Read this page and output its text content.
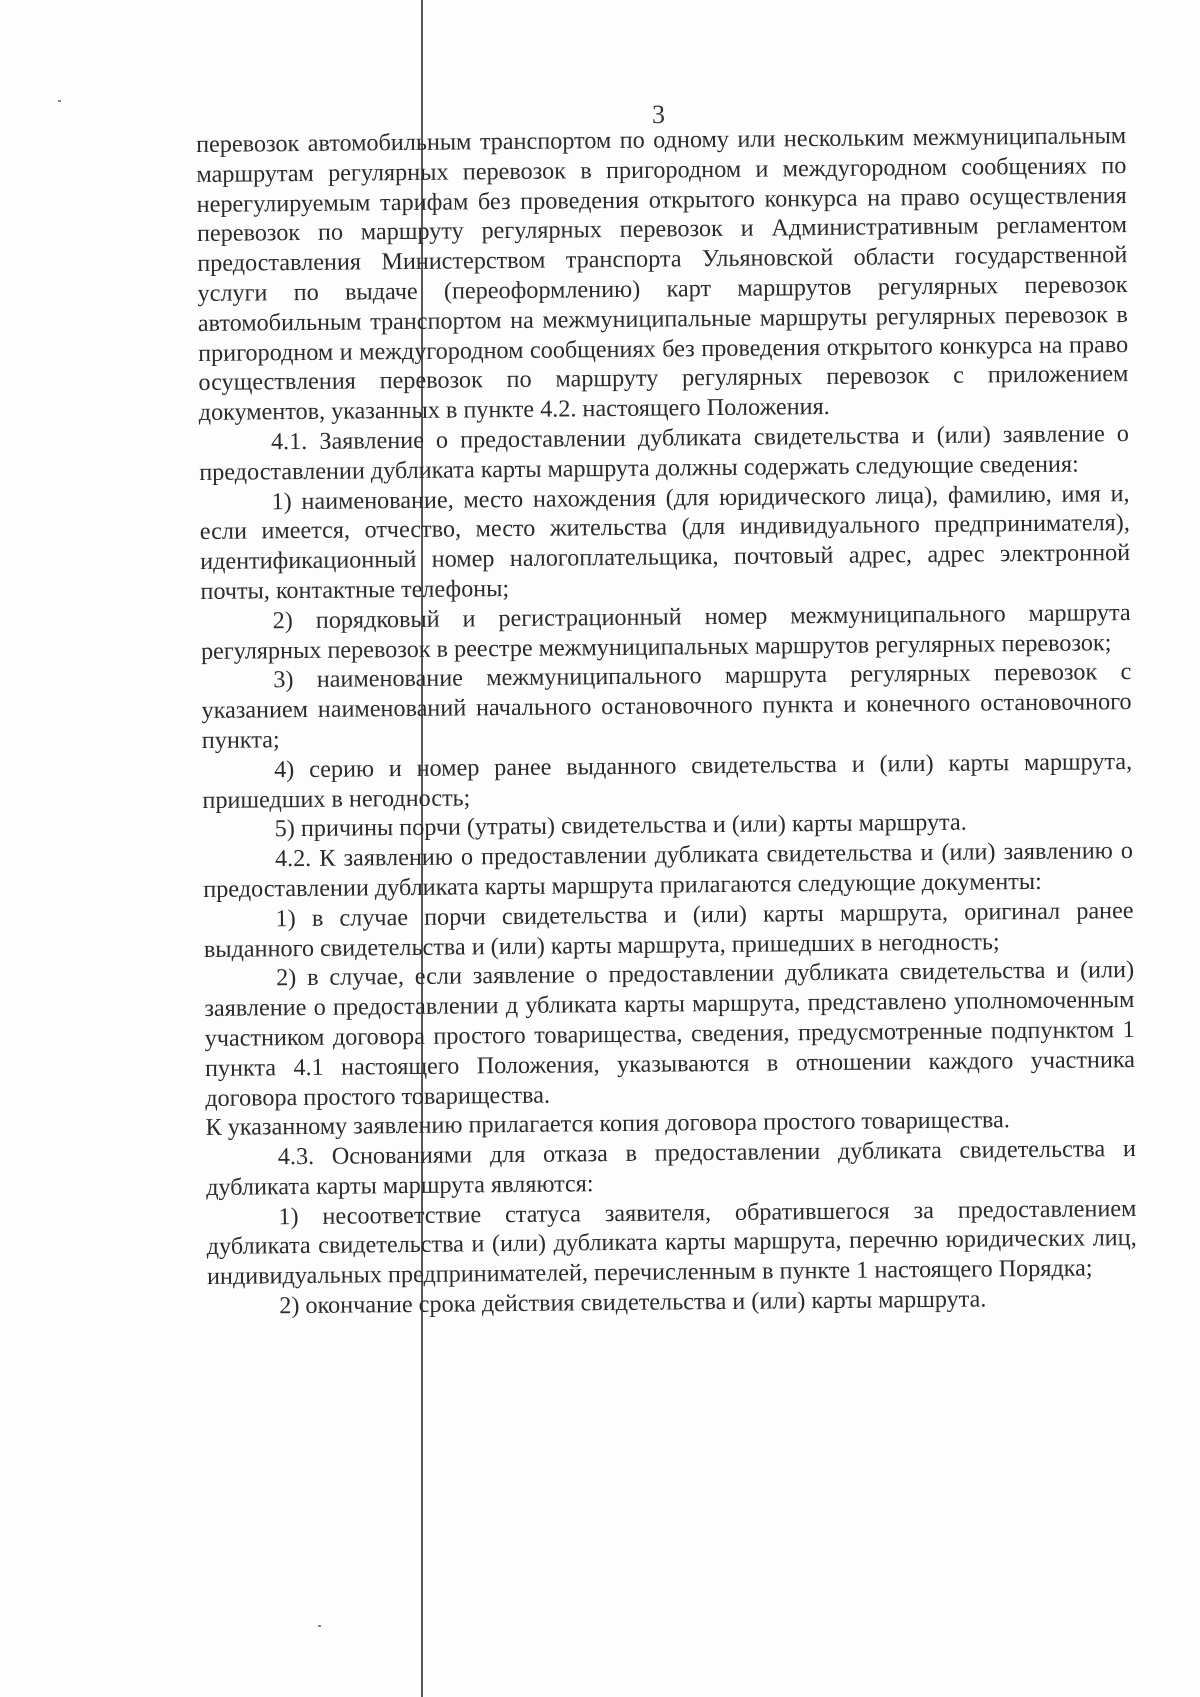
3

перевозок автомобильным транспортом по одному или нескольким межмуниципальным маршрутам регулярных перевозок в пригородном и междугородном сообщениях по нерегулируемым тарифам без проведения открытого конкурса на право осуществления перевозок по маршруту регулярных перевозок и Административным регламентом предоставления Министерством транспорта Ульяновской области государственной услуги по выдаче (переоформлению) карт маршрутов регулярных перевозок автомобильным транспортом на межмуниципальные маршруты регулярных перевозок в пригородном и междугородном сообщениях без проведения открытого конкурса на право осуществления перевозок по маршруту регулярных перевозок с приложением документов, указанных в пункте 4.2. настоящего Положения.

4.1. Заявление о предоставлении дубликата свидетельства и (или) заявление о предоставлении дубликата карты маршрута должны содержать следующие сведения:

1) наименование, место нахождения (для юридического лица), фамилию, имя и, если имеется, отчество, место жительства (для индивидуального предпринимателя), идентификационный номер налогоплательщика, почтовый адрес, адрес электронной почты, контактные телефоны;

2) порядковый и регистрационный номер межмуниципального маршрута регулярных перевозок в реестре межмуниципальных маршрутов регулярных перевозок;

3) наименование межмуниципального маршрута регулярных перевозок с указанием наименований начального остановочного пункта и конечного остановочного пункта;

4) серию и номер ранее выданного свидетельства и (или) карты маршрута, пришедших в негодность;

5) причины порчи (утраты) свидетельства и (или) карты маршрута.

4.2. К заявлению о предоставлении дубликата свидетельства и (или) заявлению о предоставлении дубликата карты маршрута прилагаются следующие документы:

1) в случае порчи свидетельства и (или) карты маршрута, оригинал ранее выданного свидетельства и (или) карты маршрута, пришедших в негодность;

2) в случае, если заявление о предоставлении дубликата свидетельства и (или) заявление о предоставлении д убликата карты маршрута, представлено уполномоченным участником договора простого товарищества, сведения, предусмотренные подпунктом 1 пункта 4.1 настоящего Положения, указываются в отношении каждого участника договора простого товарищества.

К указанному заявлению прилагается копия договора простого товарищества.

4.3. Основаниями для отказа в предоставлении дубликата свидетельства и дубликата карты маршрута являются:

1) несоответствие статуса заявителя, обратившегося за предоставлением дубликата свидетельства и (или) дубликата карты маршрута, перечню юридических лиц, индивидуальных предпринимателей, перечисленным в пункте 1 настоящего Порядка;

2) окончание срока действия свидетельства и (или) карты маршрута.
